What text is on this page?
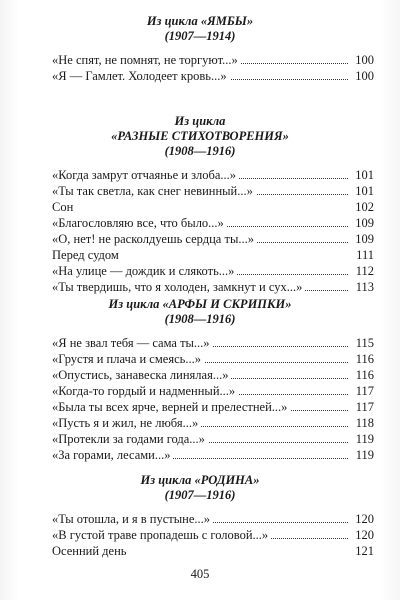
Из цикла «ЯМБЫ»
(1907—1914)
«Не спят, не помнят, не торгуют...»	100
«Я — Гамлет. Холодеет кровь...»	100
Из цикла
«РАЗНЫЕ СТИХОТВОРЕНИЯ»
(1908—1916)
«Когда замрут отчаянье и злоба...»	101
«Ты так светла, как снег невинный...»	101
Сон	102
«Благословляю все, что было...»	109
«О, нет! не расколдуешь сердца ты...»	109
Перед судом	111
«На улице — дождик и слякоть...»	112
«Ты твердишь, что я холоден, замкнут и сух...»	113
Из цикла «АРФЫ И СКРИПКИ»
(1908—1916)
«Я не звал тебя — сама ты...»	115
«Грустя и плача и смеясь...»	116
«Опустись, занавеска линялая...»	116
«Когда-то гордый и надменный...»	117
«Была ты всех ярче, верней и прелестней...»	117
«Пусть я и жил, не любя...»	118
«Протекли за годами года...»	119
«За горами, лесами...»	119
Из цикла «РОДИНА»
(1907—1916)
«Ты отошла, и я в пустыне...»	120
«В густой траве пропадешь с головой...»	120
Осенний день	121
405
